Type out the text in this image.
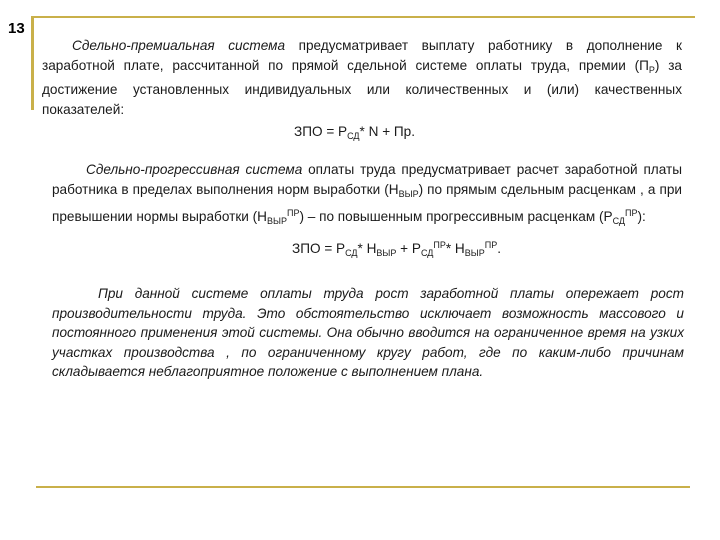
13
Сдельно-премиальная система предусматривает выплату работнику в дополнение к заработной плате, рассчитанной по прямой сдельной системе оплаты труда, премии $(П_Р)$ за достижение установленных индивидуальных или количественных и (или) качественных показателей:
ЗПО = $Р_{СД}*$ N + Пр.
Сдельно-прогрессивная система оплаты труда предусматривает расчет заработной платы работника в пределах выполнения норм выработки $(Н_{ВЫР})$ по прямым сдельным расценкам , а при превышении нормы выработки $(Н_{ВЫР}^{ПР})$ – по повышенным прогрессивным расценкам $(Р_{СД}^{ПР})$:
ЗПО = $Р_{СД}*$ $Н_{ВЫР} + Р_{СД}^{ПР}*$ $Н_{ВЫР}^{ПР}$.
При данной системе оплаты труда рост заработной платы опережает рост производительности труда. Это обстоятельство исключает возможность массового и постоянного применения этой системы. Она обычно вводится на ограниченное время на узких участках производства , по ограниченному кругу работ, где по каким-либо причинам складывается неблагоприятное положение с выполнением плана.
